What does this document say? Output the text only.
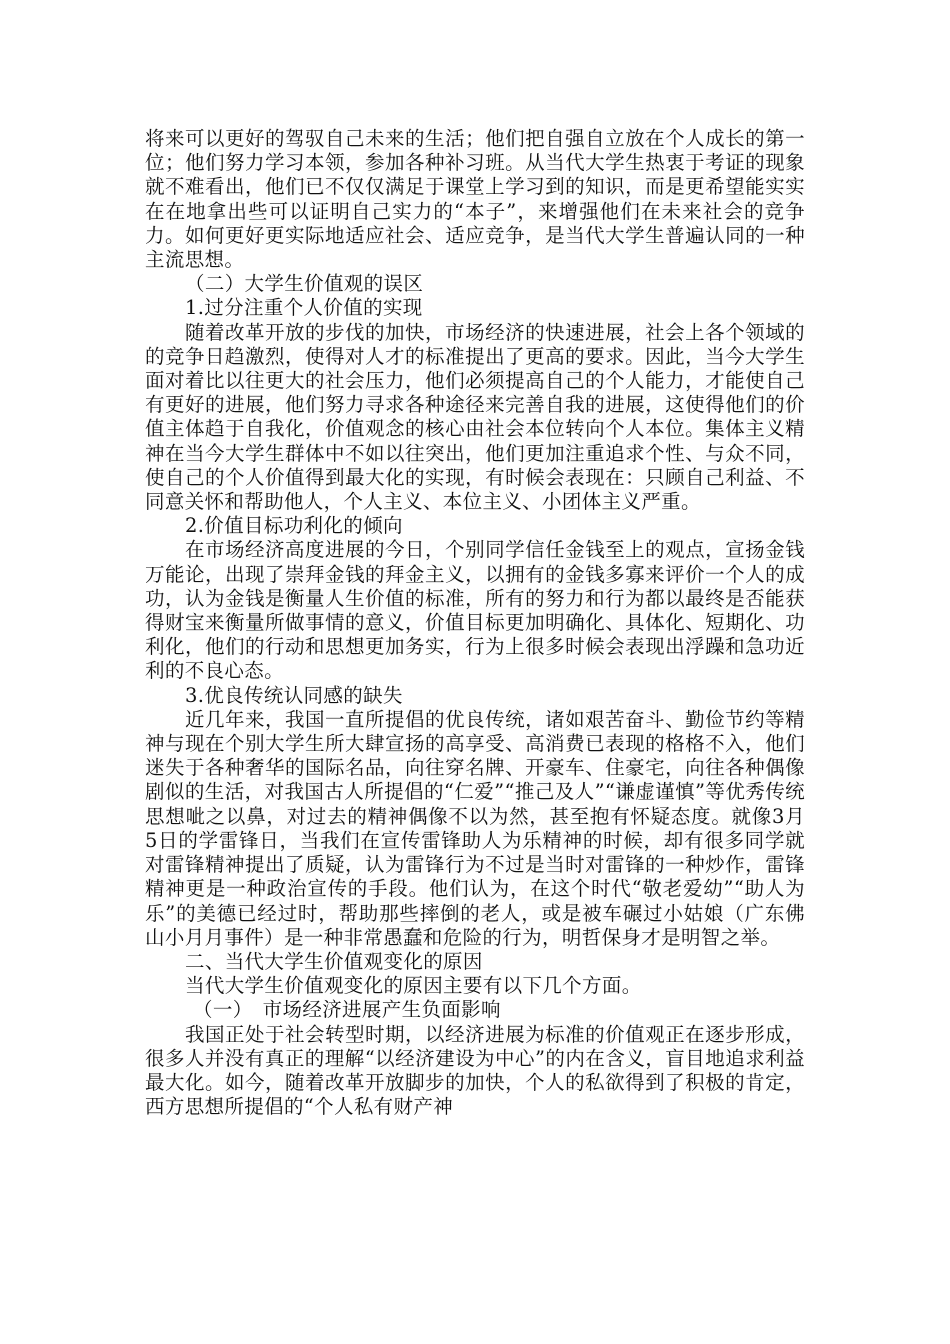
将来可以更好的驾驭自己未来的生活；他们把自强自立放在个人成长的第一位；他们努力学习本领，参加各种补习班。从当代大学生热衷于考证的现象就不难看出，他们已不仅仅满足于课堂上学习到的知识，而是更希望能实实在在地拿出些可以证明自己实力的“本子”，来增强他们在未来社会的竞争力。如何更好更实际地适应社会、适应竞争，是当代大学生普遍认同的一种主流思想。

（二）大学生价值观的误区

1.过分注重个人价值的实现

随着改革开放的步伐的加快，市场经济的快速进展，社会上各个领域的的竞争日趋激烈，使得对人才的标准提出了更高的要求。因此，当今大学生面对着比以往更大的社会压力，他们必须提高自己的个人能力，才能使自己有更好的进展，他们努力寻求各种途径来完善自我的进展，这使得他们的价值主体趋于自我化，价值观念的核心由社会本位转向个人本位。集体主义精神在当今大学生群体中不如以往突出，他们更加注重追求个性、与众不同，使自己的个人价值得到最大化的实现，有时候会表现在：只顾自己利益、不同意关怀和帮助他人，个人主义、本位主义、小团体主义严重。

2.价值目标功利化的倾向

在市场经济高度进展的今日，个别同学信任金钱至上的观点，宣扬金钱万能论，出现了崇拜金钱的拜金主义，以拥有的金钱多寡来评价一个人的成功，认为金钱是衡量人生价值的标准，所有的努力和行为都以最终是否能获得财宝来衡量所做事情的意义，价值目标更加明确化、具体化、短期化、功利化，他们的行动和思想更加务实，行为上很多时候会表现出浮躁和急功近利的不良心态。

3.优良传统认同感的缺失

近几年来，我国一直所提倡的优良传统，诸如艰苦奋斗、勤俭节约等精神与现在个别大学生所大肆宣扬的高享受、高消费已表现的格格不入，他们迷失于各种奢华的国际名品，向往穿名牌、开豪车、住豪宅，向往各种偶像剧似的生活，对我国古人所提倡的“仁爱”“推己及人”“谦虚谨慎”等优秀传统思想呲之以鼻，对过去的精神偶像不以为然，甚至抱有怀疑态度。就像3月5日的学雷锋日，当我们在宣传雷锋助人为乐精神的时候，却有很多同学就对雷锋精神提出了质疑，认为雷锋行为不过是当时对雷锋的一种炒作，雷锋精神更是一种政治宣传的手段。他们认为，在这个时代“敬老爱幼”“助人为乐”的美德已经过时，帮助那些摔倒的老人，或是被车碾过小姑娘（广东佛山小月月事件）是一种非常愚蠢和危险的行为，明哲保身才是明智之举。

二、当代大学生价值观变化的原因

当代大学生价值观变化的原因主要有以下几个方面。

（一）　市场经济进展产生负面影响

我国正处于社会转型时期，以经济进展为标准的价值观正在逐步形成，很多人并没有真正的理解“以经济建设为中心”的内在含义，盲目地追求利益最大化。如今，随着改革开放脚步的加快，个人的私欲得到了积极的肯定，西方思想所提倡的“个人私有财产神
